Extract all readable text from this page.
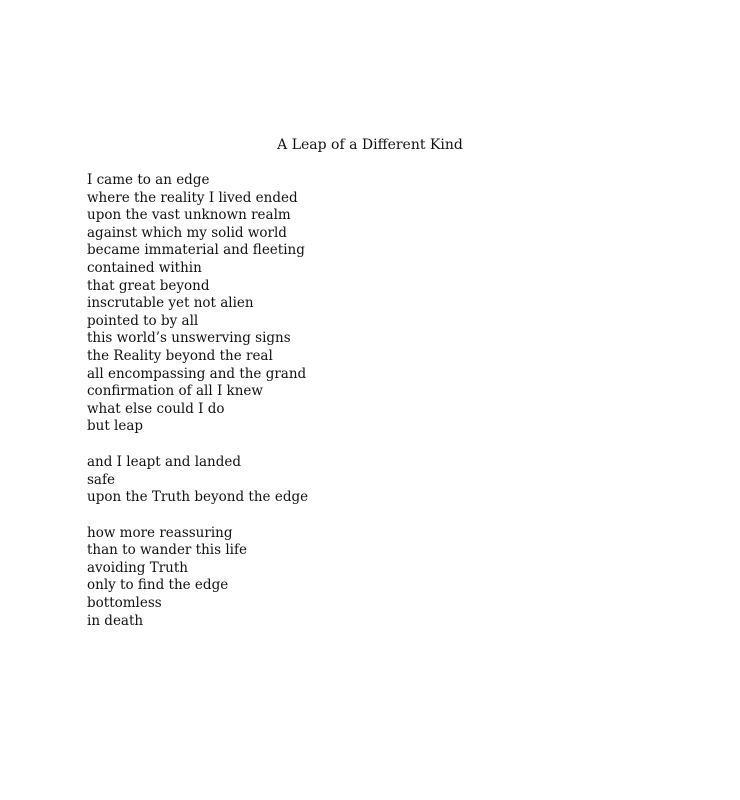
A Leap of a Different Kind
I came to an edge
where the reality I lived ended
upon the vast unknown realm
against which my solid world
became immaterial and fleeting
contained within
that great beyond
inscrutable yet not alien
pointed to by all
this world’s unswerving signs
the Reality beyond the real
all encompassing and the grand
confirmation of all I knew
what else could I do
but leap
and I leapt and landed
safe
upon the Truth beyond the edge
how more reassuring
than to wander this life
avoiding Truth
only to find the edge
bottomless
in death
